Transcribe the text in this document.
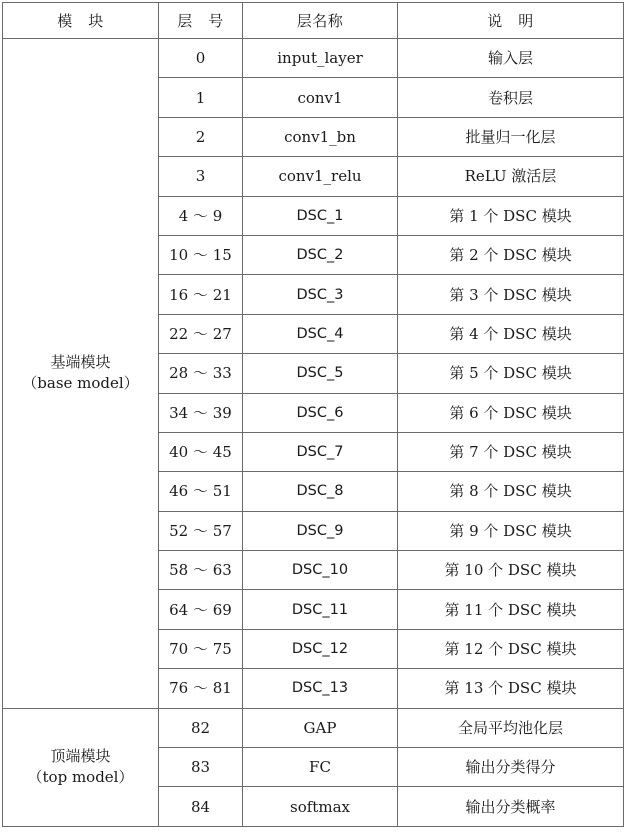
模　块	层　号	层名称	说　明

基端模块
（base model）	0	input_layer	输入层
	1	conv1	卷积层
	2	conv1_bn	批量归一化层
	3	conv1_relu	ReLU 激活层
	4 ～ 9	DSC_1	第 1 个 DSC 模块
	10 ～ 15	DSC_2	第 2 个 DSC 模块
	16 ～ 21	DSC_3	第 3 个 DSC 模块
	22 ～ 27	DSC_4	第 4 个 DSC 模块
	28 ～ 33	DSC_5	第 5 个 DSC 模块
	34 ～ 39	DSC_6	第 6 个 DSC 模块
	40 ～ 45	DSC_7	第 7 个 DSC 模块
	46 ～ 51	DSC_8	第 8 个 DSC 模块
	52 ～ 57	DSC_9	第 9 个 DSC 模块
	58 ～ 63	DSC_10	第 10 个 DSC 模块
	64 ～ 69	DSC_11	第 11 个 DSC 模块
	70 ～ 75	DSC_12	第 12 个 DSC 模块
	76 ～ 81	DSC_13	第 13 个 DSC 模块

顶端模块
（top model）	82	GAP	全局平均池化层
	83	FC	输出分类得分
	84	softmax	输出分类概率
